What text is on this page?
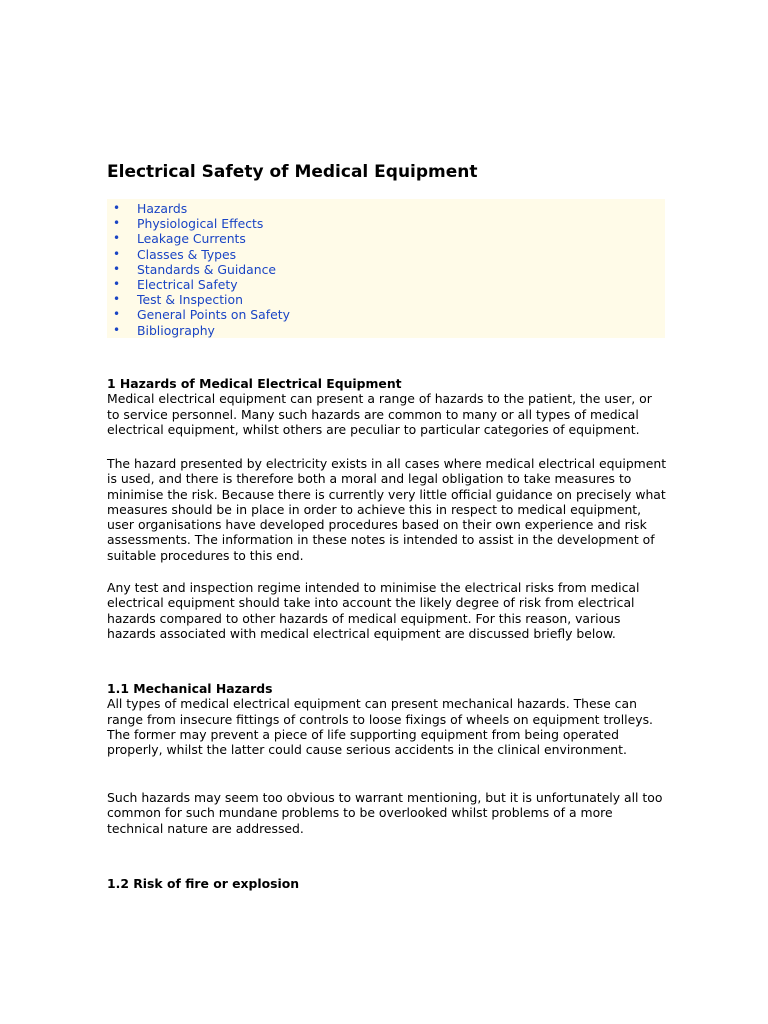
Electrical Safety of Medical Equipment
• Hazards
• Physiological Effects
• Leakage Currents
• Classes & Types
• Standards & Guidance
• Electrical Safety
• Test & Inspection
• General Points on Safety
• Bibliography
1 Hazards of Medical Electrical Equipment
Medical electrical equipment can present a range of hazards to the patient, the user, or to service personnel. Many such hazards are common to many or all types of medical electrical equipment, whilst others are peculiar to particular categories of equipment.
The hazard presented by electricity exists in all cases where medical electrical equipment is used, and there is therefore both a moral and legal obligation to take measures to minimise the risk. Because there is currently very little official guidance on precisely what measures should be in place in order to achieve this in respect to medical equipment, user organisations have developed procedures based on their own experience and risk assessments. The information in these notes is intended to assist in the development of suitable procedures to this end.
Any test and inspection regime intended to minimise the electrical risks from medical electrical equipment should take into account the likely degree of risk from electrical hazards compared to other hazards of medical equipment. For this reason, various hazards associated with medical electrical equipment are discussed briefly below.
1.1 Mechanical Hazards
All types of medical electrical equipment can present mechanical hazards. These can range from insecure fittings of controls to loose fixings of wheels on equipment trolleys. The former may prevent a piece of life supporting equipment from being operated properly, whilst the latter could cause serious accidents in the clinical environment.
Such hazards may seem too obvious to warrant mentioning, but it is unfortunately all too common for such mundane problems to be overlooked whilst problems of a more technical nature are addressed.
1.2 Risk of fire or explosion
